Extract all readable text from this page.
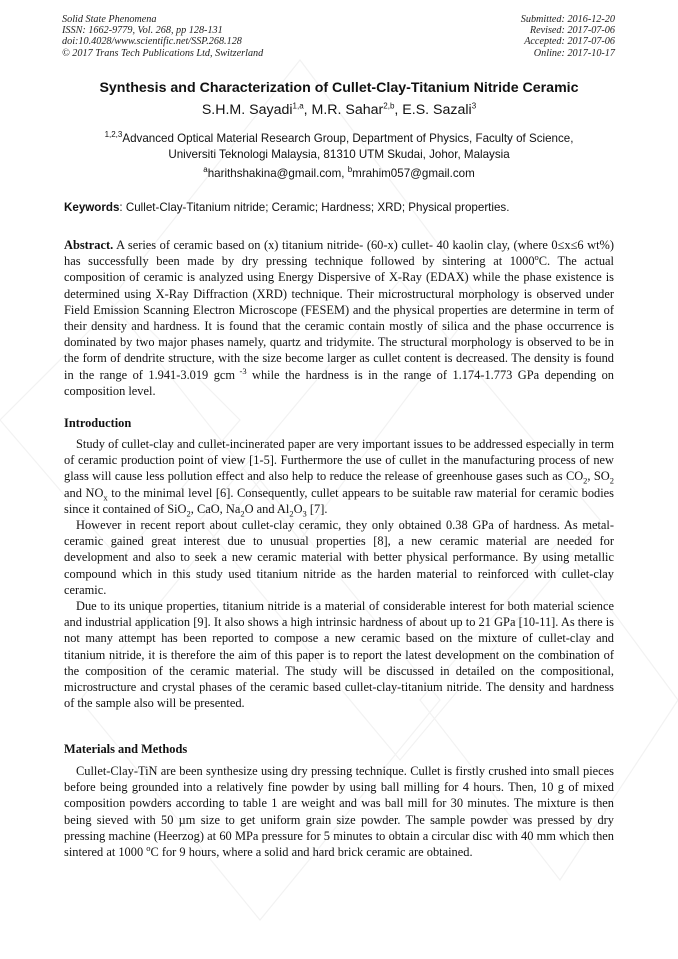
Solid State Phenomena
ISSN: 1662-9779, Vol. 268, pp 128-131
doi:10.4028/www.scientific.net/SSP.268.128
© 2017 Trans Tech Publications Ltd, Switzerland
Submitted: 2016-12-20
Revised: 2017-07-06
Accepted: 2017-07-06
Online: 2017-10-17
Synthesis and Characterization of Cullet-Clay-Titanium Nitride Ceramic
S.H.M. Sayadi$^{1,a}$, M.R. Sahar$^{2,b}$, E.S. Sazali$^3$
$^{1,2,3}$Advanced Optical Material Research Group, Department of Physics, Faculty of Science,
Universiti Teknologi Malaysia, 81310 UTM Skudai, Johor, Malaysia
$^a$harithshakina@gmail.com, $^b$mrahim057@gmail.com
Keywords: Cullet-Clay-Titanium nitride; Ceramic; Hardness; XRD; Physical properties.

Abstract. A series of ceramic based on (x) titanium nitride- (60-x) cullet- 40 kaolin clay, (where 0≤x≤6 wt%) has successfully been made by dry pressing technique followed by sintering at 1000$^o$C. The actual composition of ceramic is analyzed using Energy Dispersive of X-Ray (EDAX) while the phase existence is determined using X-Ray Diffraction (XRD) technique. Their microstructural morphology is observed under Field Emission Scanning Electron Microscope (FESEM) and the physical properties are determine in term of their density and hardness. It is found that the ceramic contain mostly of silica and the phase occurrence is dominated by two major phases namely, quartz and tridymite. The structural morphology is observed to be in the form of dendrite structure, with the size become larger as cullet content is decreased. The density is found in the range of 1.941-3.019 gcm $^{-3}$ while the hardness is in the range of 1.174-1.773 GPa depending on composition level.

Introduction

Study of cullet-clay and cullet-incinerated paper are very important issues to be addressed especially in term of ceramic production point of view [1-5]. Furthermore the use of cullet in the manufacturing process of new glass will cause less pollution effect and also help to reduce the release of greenhouse gases such as $CO_2$, $SO_2$ and $NO_x$ to the minimal level [6]. Consequently, cullet appears to be suitable raw material for ceramic bodies since it contained of SiO$_2$, CaO, $Na_2O$ and $Al_2O_3$ [7].

However in recent report about cullet-clay ceramic, they only obtained 0.38 GPa of hardness. As metal-ceramic gained great interest due to unusual properties [8], a new ceramic material are needed for development and also to seek a new ceramic material with better physical performance. By using metallic compound which in this study used titanium nitride as the harden material to reinforced with cullet-clay ceramic.

Due to its unique properties, titanium nitride is a material of considerable interest for both material science and industrial application [9]. It also shows a high intrinsic hardness of about up to 21 GPa [10-11]. As there is not many attempt has been reported to compose a new ceramic based on the mixture of cullet-clay and titanium nitride, it is therefore the aim of this paper is to report the latest development on the combination of the composition of the ceramic material. The study will be discussed in detailed on the compositional, microstructure and crystal phases of the ceramic based cullet-clay-titanium nitride. The density and hardness of the sample also will be presented.

Materials and Methods

Cullet-Clay-TiN are been synthesize using dry pressing technique. Cullet is firstly crushed into small pieces before being grounded into a relatively fine powder by using ball milling for 4 hours. Then, 10 g of mixed composition powders according to table 1 are weight and was ball mill for 30 minutes. The mixture is then being sieved with 50 µm size to get uniform grain size powder. The sample powder was pressed by dry pressing machine (Heerzog) at 60 MPa pressure for 5 minutes to obtain a circular disc with 40 mm which then sintered at 1000 $^o$C for 9 hours, where a solid and hard brick ceramic are obtained.
